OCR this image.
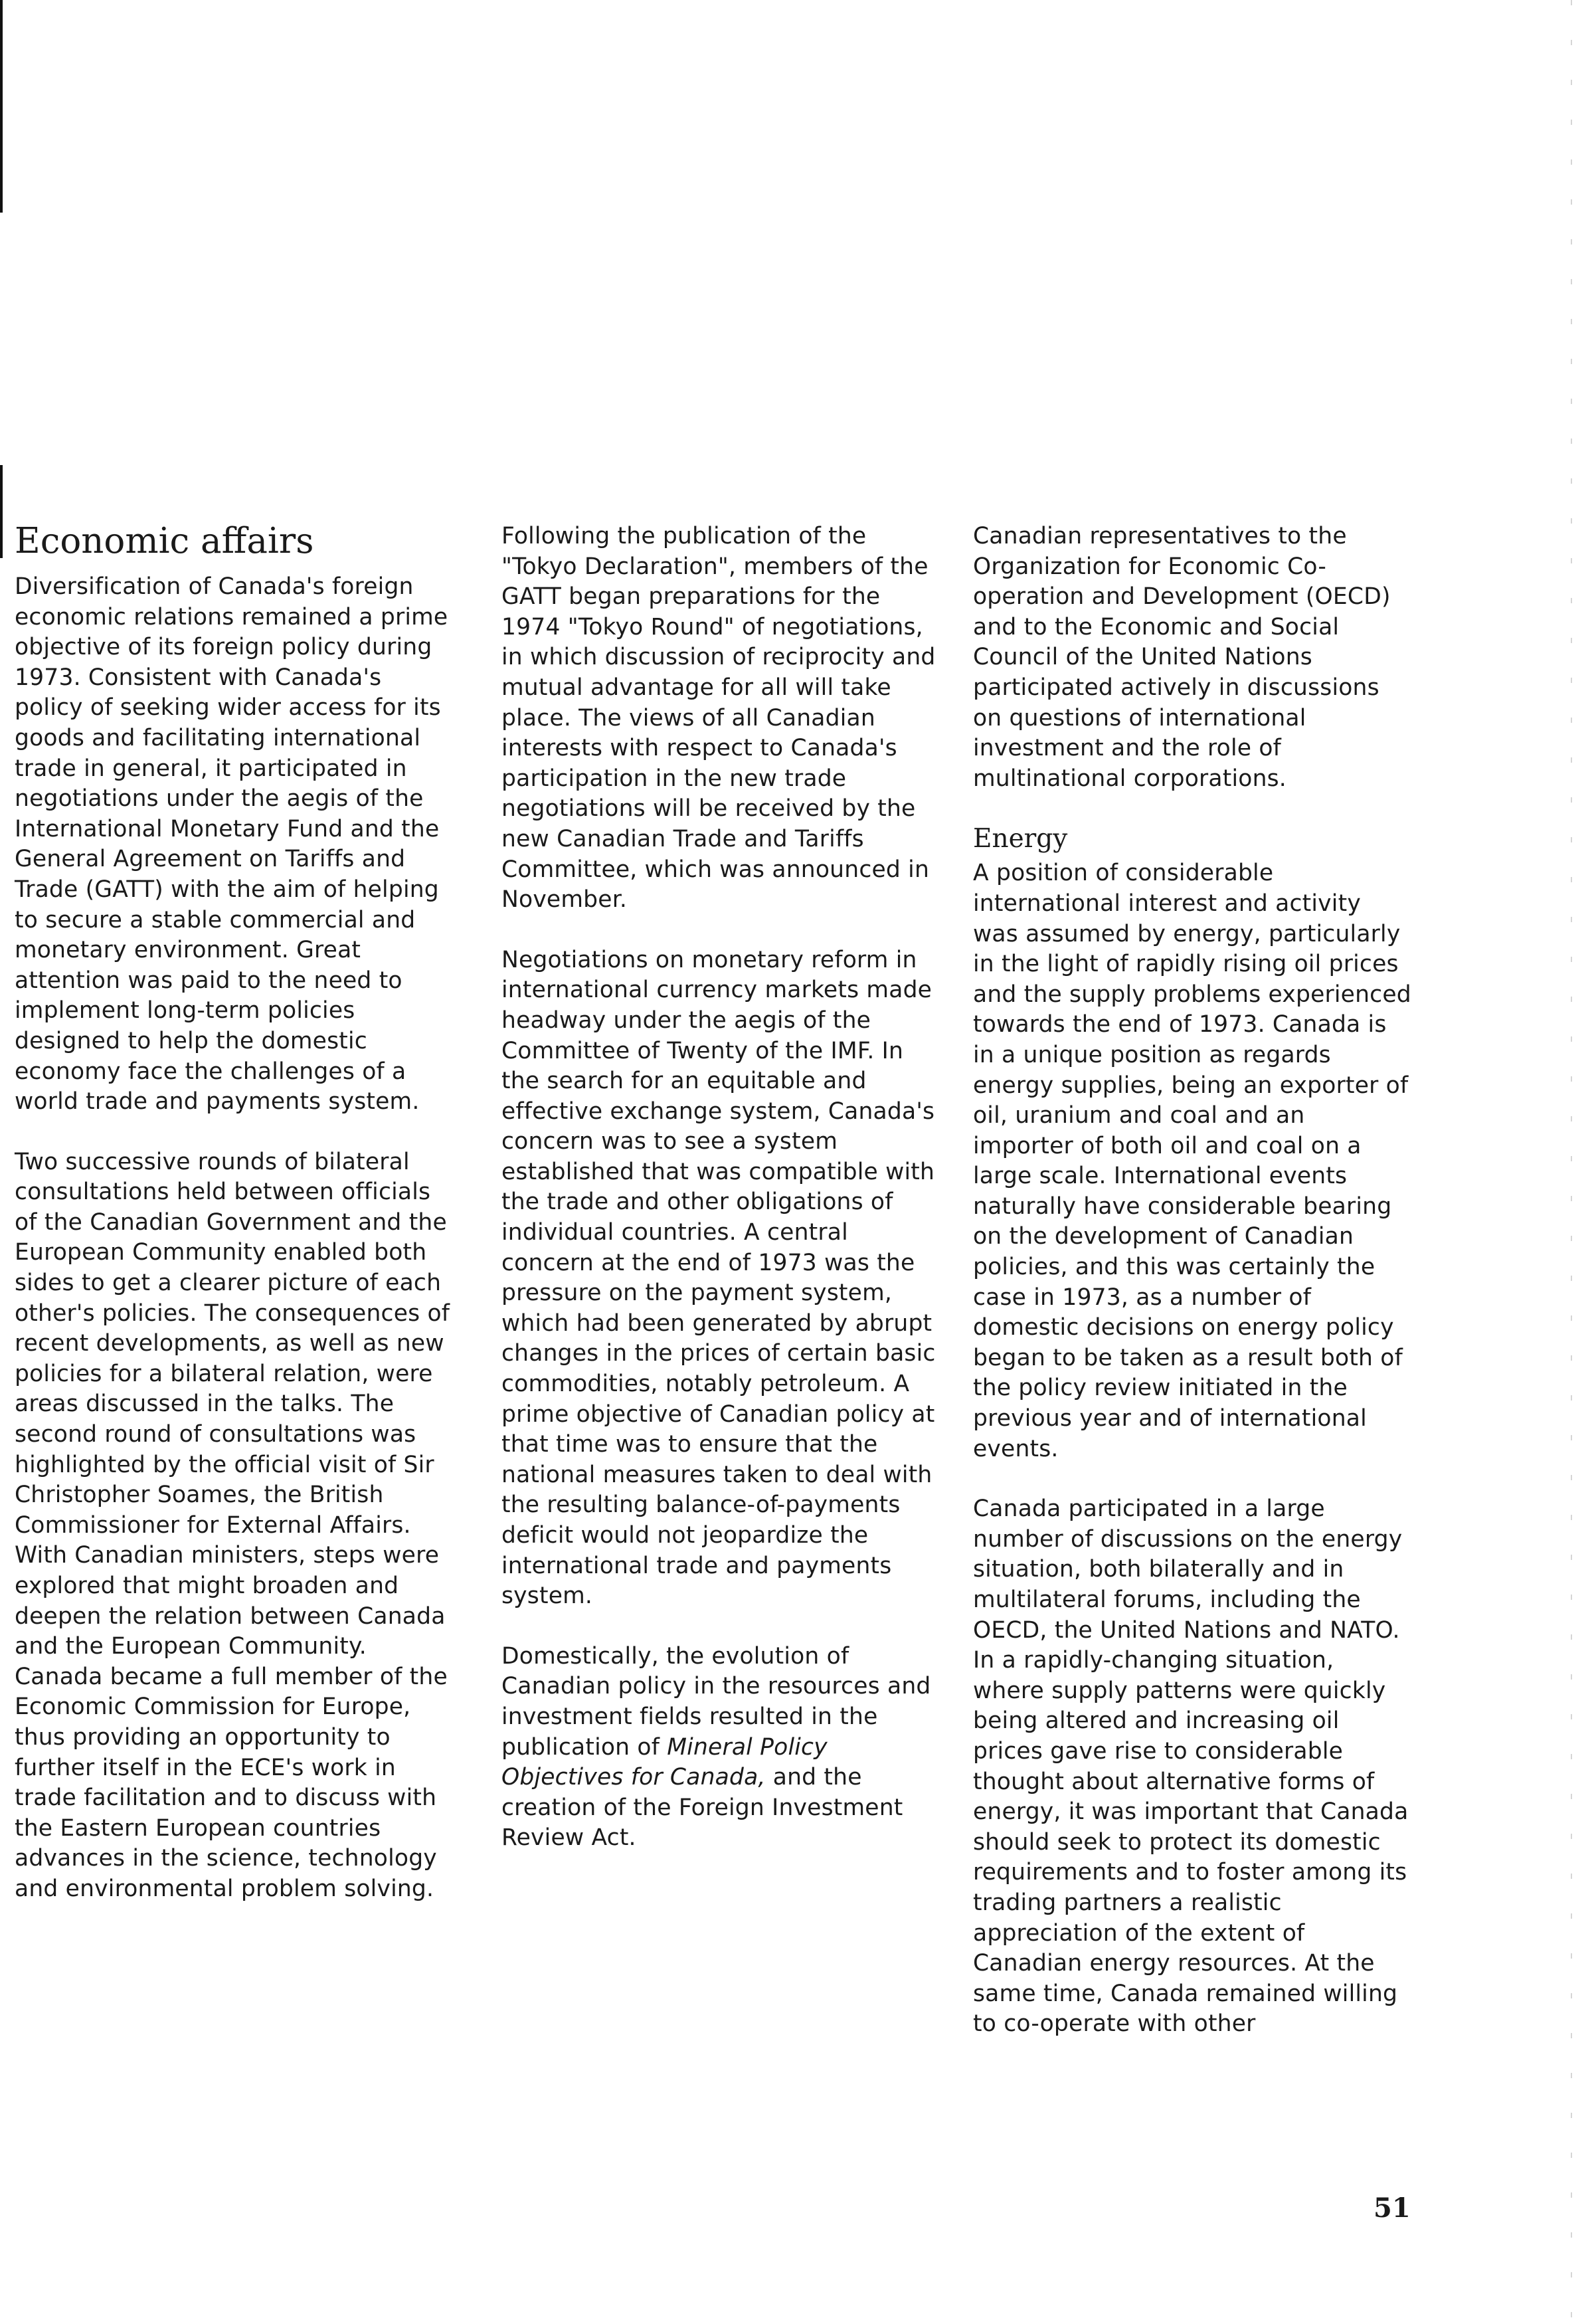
Economic affairs

Diversification of Canada's foreign economic relations remained a prime objective of its foreign policy during 1973. Consistent with Canada's policy of seeking wider access for its goods and facilitating international trade in general, it participated in negotiations under the aegis of the International Monetary Fund and the General Agreement on Tariffs and Trade (GATT) with the aim of helping to secure a stable commercial and monetary environment. Great attention was paid to the need to implement long-term policies designed to help the domestic economy face the challenges of a world trade and payments system.

Two successive rounds of bilateral consultations held between officials of the Canadian Government and the European Community enabled both sides to get a clearer picture of each other's policies. The consequences of recent developments, as well as new policies for a bilateral relation, were areas discussed in the talks. The second round of consultations was highlighted by the official visit of Sir Christopher Soames, the British Commissioner for External Affairs. With Canadian ministers, steps were explored that might broaden and deepen the relation between Canada and the European Community. Canada became a full member of the Economic Commission for Europe, thus providing an opportunity to further itself in the ECE's work in trade facilitation and to discuss with the Eastern European countries advances in the science, technology and environmental problem solving.

Following the publication of the "Tokyo Declaration", members of the GATT began preparations for the 1974 "Tokyo Round" of negotiations, in which discussion of reciprocity and mutual advantage for all will take place. The views of all Canadian interests with respect to Canada's participation in the new trade negotiations will be received by the new Canadian Trade and Tariffs Committee, which was announced in November.

Negotiations on monetary reform in international currency markets made headway under the aegis of the Committee of Twenty of the IMF. In the search for an equitable and effective exchange system, Canada's concern was to see a system established that was compatible with the trade and other obligations of individual countries. A central concern at the end of 1973 was the pressure on the payment system, which had been generated by abrupt changes in the prices of certain basic commodities, notably petroleum. A prime objective of Canadian policy at that time was to ensure that the national measures taken to deal with the resulting balance-of-payments deficit would not jeopardize the international trade and payments system.

Domestically, the evolution of Canadian policy in the resources and investment fields resulted in the publication of Mineral Policy Objectives for Canada, and the creation of the Foreign Investment Review Act.

Canadian representatives to the Organization for Economic Co-operation and Development (OECD) and to the Economic and Social Council of the United Nations participated actively in discussions on questions of international investment and the role of multinational corporations.

Energy

A position of considerable international interest and activity was assumed by energy, particularly in the light of rapidly rising oil prices and the supply problems experienced towards the end of 1973. Canada is in a unique position as regards energy supplies, being an exporter of oil, uranium and coal and an importer of both oil and coal on a large scale. International events naturally have considerable bearing on the development of Canadian policies, and this was certainly the case in 1973, as a number of domestic decisions on energy policy began to be taken as a result both of the policy review initiated in the previous year and of international events.

Canada participated in a large number of discussions on the energy situation, both bilaterally and in multilateral forums, including the OECD, the United Nations and NATO. In a rapidly-changing situation, where supply patterns were quickly being altered and increasing oil prices gave rise to considerable thought about alternative forms of energy, it was important that Canada should seek to protect its domestic requirements and to foster among its trading partners a realistic appreciation of the extent of Canadian energy resources. At the same time, Canada remained willing to co-operate with other

51
